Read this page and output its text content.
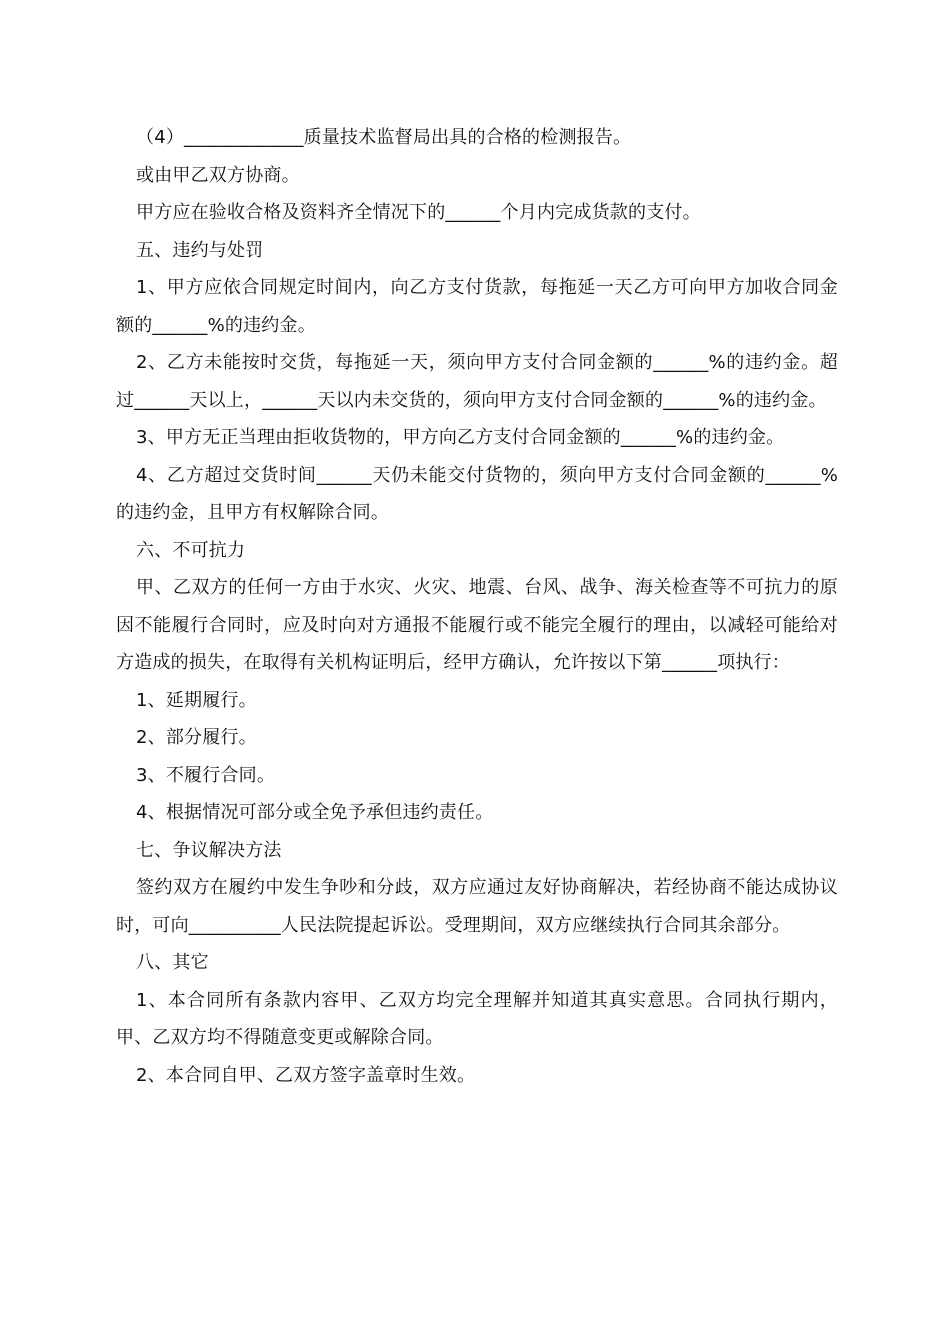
（4）_____________质量技术监督局出具的合格的检测报告。

或由甲乙双方协商。

甲方应在验收合格及资料齐全情况下的______个月内完成货款的支付。

五、违约与处罚

1、甲方应依合同规定时间内，向乙方支付货款，每拖延一天乙方可向甲方加收合同金额的______%的违约金。

2、乙方未能按时交货，每拖延一天，须向甲方支付合同金额的______%的违约金。超过______天以上，______天以内未交货的，须向甲方支付合同金额的______%的违约金。

3、甲方无正当理由拒收货物的，甲方向乙方支付合同金额的______%的违约金。

4、乙方超过交货时间______天仍未能交付货物的，须向甲方支付合同金额的______%的违约金，且甲方有权解除合同。

六、不可抗力

甲、乙双方的任何一方由于水灾、火灾、地震、台风、战争、海关检查等不可抗力的原因不能履行合同时，应及时向对方通报不能履行或不能完全履行的理由，以减轻可能给对方造成的损失，在取得有关机构证明后，经甲方确认，允许按以下第______项执行：

1、延期履行。

2、部分履行。

3、不履行合同。

4、根据情况可部分或全免予承但违约责任。

七、争议解决方法

签约双方在履约中发生争吵和分歧，双方应通过友好协商解决，若经协商不能达成协议时，可向__________人民法院提起诉讼。受理期间，双方应继续执行合同其余部分。

八、其它

1、本合同所有条款内容甲、乙双方均完全理解并知道其真实意思。合同执行期内，甲、乙双方均不得随意变更或解除合同。

2、本合同自甲、乙双方签字盖章时生效。
